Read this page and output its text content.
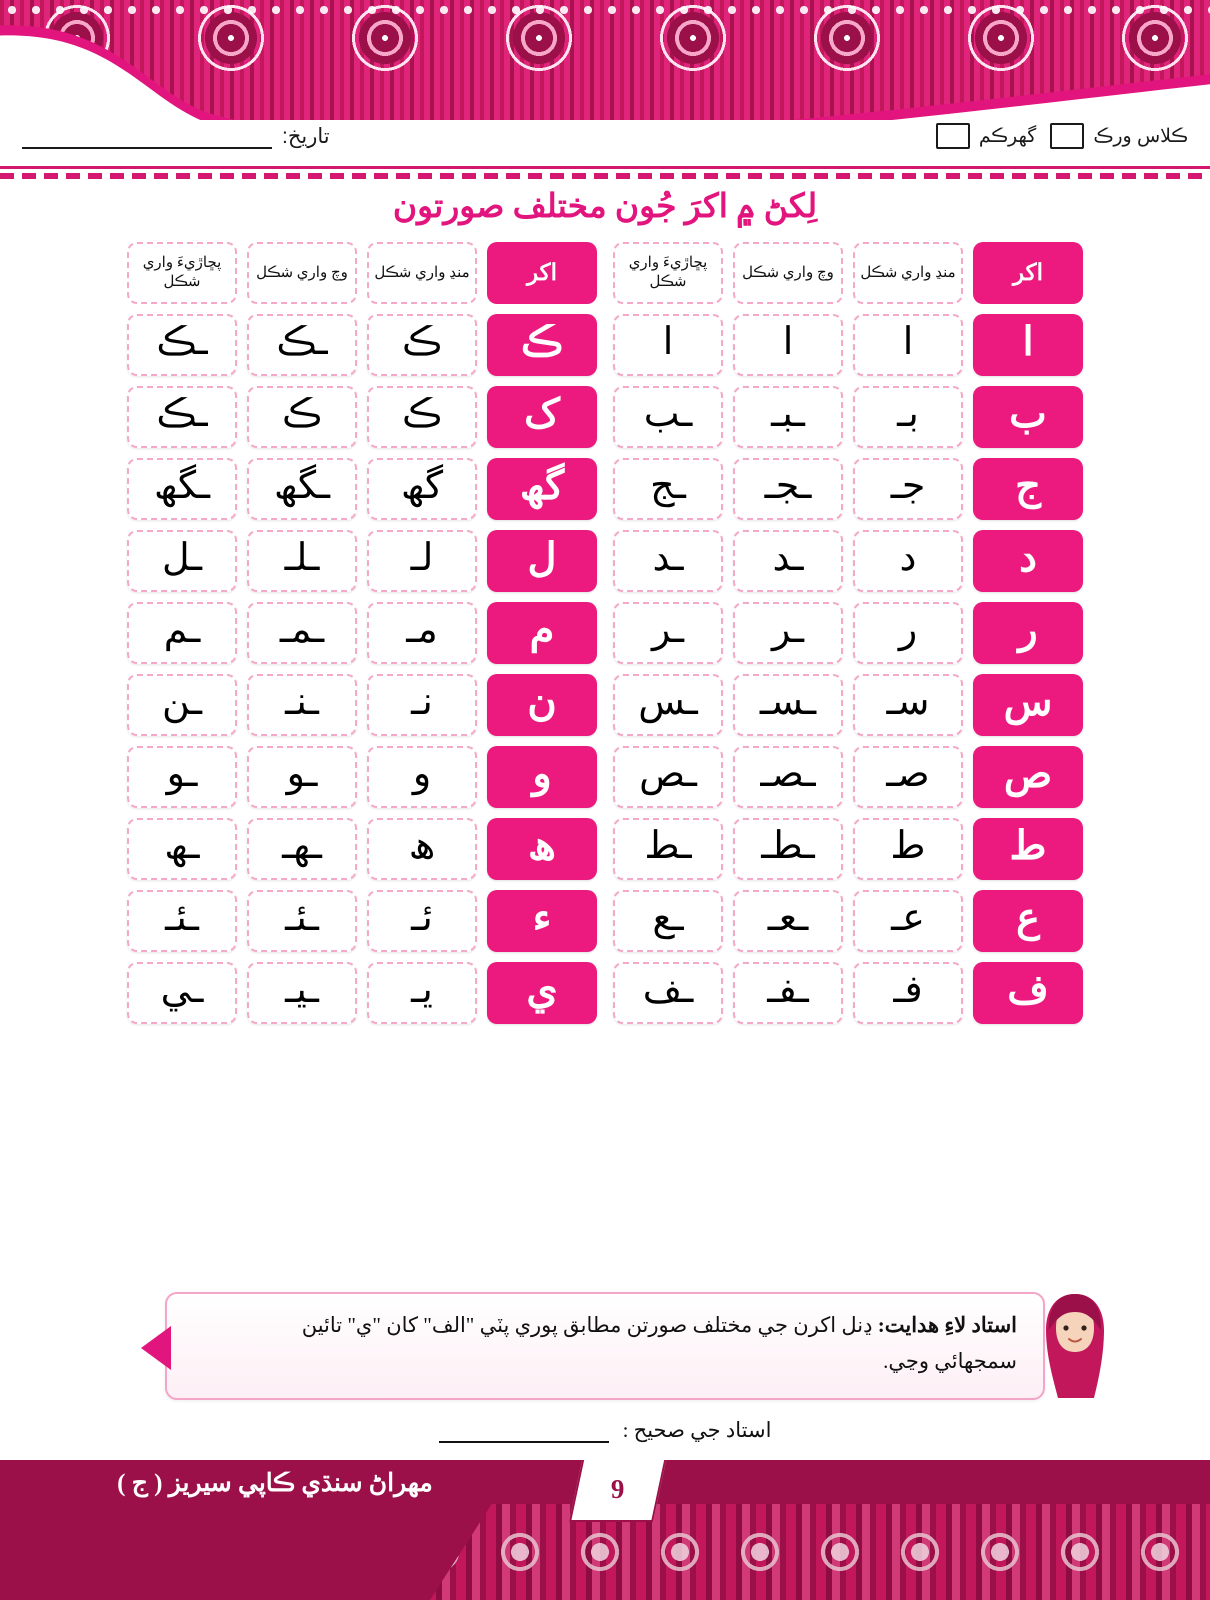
ڪلاس ورڪ
گهرڪم
تاريخ:
لِکڻ ۾ اکرَ جُون مختلف صورتون
اکر
منڍ واري شڪل
وچ واري شڪل
پڇاڙيءَ واري شڪل
ا
ا
ا
ا
ب
بـ
ـبـ
ـب
ج
جـ
ـجـ
ـج
د
د
ـد
ـد
ر
ر
ـر
ـر
س
سـ
ـسـ
ـس
ص
صـ
ـصـ
ـص
ط
ط
ـطـ
ـط
ع
عـ
ـعـ
ـع
ف
فـ
ـفـ
ـف
اکر
منڍ واري شڪل
وچ واري شڪل
پڇاڙيءَ واري شڪل
ڪ
ڪ
ـڪ
ـڪ
ک
ڪ
ڪ
ـڪ
گھ
گھ
ـگھ
ـگھ
ل
لـ
ـلـ
ـل
م
مـ
ـمـ
ـم
ن
نـ
ـنـ
ـن
و
و
ـو
ـو
ھ
ھ
ـھـ
ـھ
ء
ئـ
ـئـ
ـئـ
ي
يـ
ـيـ
ـي
استاد لاءِ هدايت: ڍنل اکرن جي مختلف صورتن مطابق پوري پٽي "الف" کان "ي" تائين سمجھائي وڃي.
استاد جي صحيح :
9
مهراڻ سنڌي ڪاپي سيريز ( ج )
